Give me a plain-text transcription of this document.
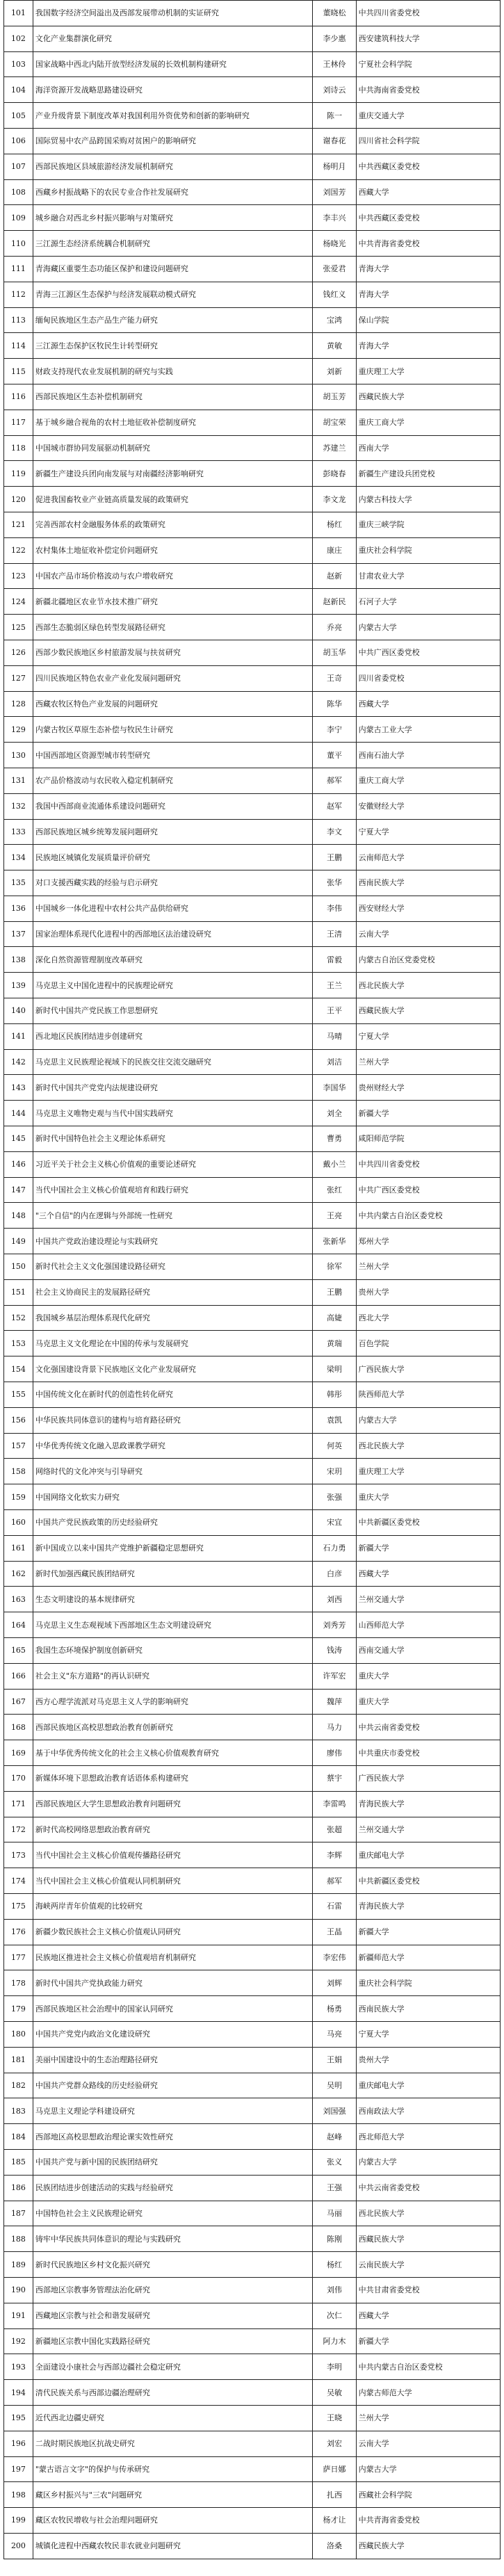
101	我国数字经济空间溢出及西部发展带动机制的实证研究	董晓松	中共四川省委党校
102	文化产业集群演化研究	李少惠	西安建筑科技大学
103	国家战略中西北内陆开放型经济发展的长效机制构建研究	王林伶	宁夏社会科学院
104	海洋资源开发战略思路建设研究	刘诗云	中共海南省委党校
105	产业升级背景下制度改革对我国利用外资优势和创新的影响研究	陈一	重庆交通大学
106	国际贸易中农产品跨国采购对贫困户的影响研究	谢春花	四川省社会科学院
107	西部民族地区县域旅游经济发展机制研究	杨明月	中共西藏区委党校
108	西藏乡村振战略下的农民专业合作社发展研究	刘国芳	西藏大学
109	城乡融合对西北乡村振兴影响与对策研究	李丰兴	中共西藏区委党校
110	三江源生态经济系统耦合机制研究	杨晓光	中共青海省委党校
111	青海藏区重要生态功能区保护和建设问题研究	张爱君	青海大学
112	青海三江源区生态保护与经济发展联动模式研究	钱红义	青海大学
113	缅甸民族地区生态产品生产能力研究	宝鸿	保山学院
114	三江源生态保护区牧民生计转型研究	黄敏	青海大学
115	财政支持现代农业发展机制的研究与实践	刘新	重庆理工大学
116	西部民族地区生态补偿机制研究	胡玉芳	西藏民族大学
117	基于城乡融合视角的农村土地征收补偿制度研究	胡宝荣	重庆工商大学
118	中国城市群协同发展驱动机制研究	苏建兰	西南大学
119	新疆生产建设兵团向南发展与对南疆经济影响研究	彭晓春	新疆生产建设兵团党校
120	促进我国畜牧业产业链高质量发展的政策研究	李文龙	内蒙古科技大学
121	完善西部农村金融服务体系的政策研究	杨红	重庆三峡学院
122	农村集体土地征收补偿定价问题研究	康庄	重庆社会科学院
123	中国农产品市场价格波动与农户增收研究	赵新	甘肃农业大学
124	新疆北疆地区农业节水技术推广研究	赵新民	石河子大学
125	西部生态脆弱区绿色转型发展路径研究	乔亮	内蒙古大学
126	西部少数民族地区乡村旅游发展与扶贫研究	胡玉华	中共广西区委党校
127	四川民族地区特色农业产业化发展问题研究	王奇	四川省委党校
128	西藏农牧区特色产业发展的问题研究	陈华	西藏大学
129	内蒙古牧区草原生态补偿与牧民生计研究	李宁	内蒙古工业大学
130	中国西部地区资源型城市转型研究	董平	西南石油大学
131	农产品价格波动与农民收入稳定机制研究	郝军	重庆工商大学
132	我国中西部商业流通体系建设问题研究	赵军	安徽财经大学
133	西部民族地区城乡统筹发展问题研究	李文	宁夏大学
134	民族地区城镇化发展质量评价研究	王鹏	云南师范大学
135	对口支援西藏实践的经验与启示研究	张华	西南民族大学
136	中国城乡一体化进程中农村公共产品供给研究	李伟	西安财经大学
137	国家治理体系现代化进程中的西部地区法治建设研究	王清	云南大学
138	深化自然资源管理制度改革研究	雷毅	内蒙古自治区党委党校
139	马克思主义中国化进程中的民族理论研究	王兰	西北民族大学
140	新时代中国共产党民族工作思想研究	王平	西藏民族大学
141	西北地区民族团结进步创建研究	马晴	宁夏大学
142	马克思主义民族理论视域下的民族交往交流交融研究	刘洁	兰州大学
143	新时代中国共产党党内法规建设研究	李国华	贵州财经大学
144	马克思主义唯物史观与当代中国实践研究	刘全	新疆大学
145	新时代中国特色社会主义理论体系研究	曹勇	咸阳师范学院
146	习近平关于社会主义核心价值观的重要论述研究	戴小兰	中共四川省委党校
147	当代中国社会主义核心价值观培育和践行研究	张红	中共广西区委党校
148	"三个自信"的内在逻辑与外部统一性研究	王亮	中共内蒙古自治区委党校
149	中国共产党政治建设理论与实践研究	张新华	郑州大学
150	新时代社会主义文化强国建设路径研究	徐军	兰州大学
151	社会主义协商民主的发展路径研究	王鹏	贵州大学
152	我国城乡基层治理体系现代化研究	高婕	西北大学
153	马克思主义文化理论在中国的传承与发展研究	黄瑞	百色学院
154	文化强国建设背景下民族地区文化产业发展研究	梁明	广西民族大学
155	中国传统文化在新时代的创造性转化研究	韩彤	陕西师范大学
156	中华民族共同体意识的建构与培育路径研究	袁凯	内蒙古大学
157	中华优秀传统文化融入思政课教学研究	何英	西北民族大学
158	网络时代的文化冲突与引导研究	宋玥	重庆理工大学
159	中国网络文化软实力研究	张强	重庆大学
160	中国共产党民族政策的历史经验研究	宋宜	中共新疆区委党校
161	新中国成立以来中国共产党维护新疆稳定思想研究	石力勇	新疆大学
162	新时代加强西藏民族团结研究	白彦	西藏大学
163	生态文明建设的基本规律研究	刘西	兰州交通大学
164	马克思主义生态观视域下西部地区生态文明建设研究	刘秀芳	山西师范大学
165	我国生态环境保护制度创新研究	钱涛	西南交通大学
166	社会主义"东方道路"的再认识研究	许军宏	重庆大学
167	西方心理学流派对马克思主义人学的影响研究	魏萍	重庆大学
168	西部民族地区高校思想政治教育创新研究	马力	中共云南省委党校
169	基于中华优秀传统文化的社会主义核心价值观教育研究	廖伟	中共重庆市委党校
170	新媒体环境下思想政治教育话语体系构建研究	蔡宇	广西民族大学
171	西部民族地区大学生思想政治教育问题研究	李雷鸣	青海民族大学
172	新时代高校网络思想政治教育研究	张超	兰州交通大学
173	当代中国社会主义核心价值观传播路径研究	李辉	重庆邮电大学
174	当代中国社会主义核心价值观认同机制研究	郝军	中共新疆区委党校
175	海峡两岸青年价值观的比较研究	石雷	青海民族大学
176	新疆少数民族社会主义核心价值观认同研究	王晶	新疆大学
177	民族地区推进社会主义核心价值观培育机制研究	李宏伟	新疆师范大学
178	新时代中国共产党执政能力研究	刘辉	重庆社会科学院
179	西部民族地区社会治理中的国家认同研究	杨勇	西南民族大学
180	中国共产党党内政治文化建设研究	马亮	宁夏大学
181	美丽中国建设中的生态治理路径研究	王娟	贵州大学
182	中国共产党群众路线的历史经验研究	吴明	重庆邮电大学
183	马克思主义理论学科建设研究	刘国强	西南政法大学
184	西部地区高校思想政治理论课实效性研究	赵峰	西北师范大学
185	中国共产党与新中国的民族团结研究	张义	内蒙古大学
186	民族团结进步创建活动的实践与经验研究	王强	中共云南省委党校
187	中国特色社会主义民族理论研究	马丽	西北民族大学
188	铸牢中华民族共同体意识的理论与实践研究	陈刚	西藏民族大学
189	新时代民族地区乡村文化振兴研究	杨红	云南民族大学
190	西部地区宗教事务管理法治化研究	刘伟	中共甘肃省委党校
191	西藏地区宗教与社会和谐发展研究	次仁	西藏大学
192	新疆地区宗教中国化实践路径研究	阿力木	新疆大学
193	全面建设小康社会与西部边疆社会稳定研究	李明	中共内蒙古自治区委党校
194	清代民族关系与西部边疆治理研究	吴敏	内蒙古师范大学
195	近代西北边疆史研究	王晓	兰州大学
196	二战时期民族地区抗战史研究	刘宏	云南大学
197	"蒙古语言文字"的保护与传承研究	萨日娜	内蒙古大学
198	藏区乡村振兴与"三农"问题研究	扎西	西藏社会科学院
199	藏区农牧民增收与社会治理问题研究	杨才让	中共青海省委党校
200	城镇化进程中西藏农牧民非农就业问题研究	洛桑	西藏民族大学
